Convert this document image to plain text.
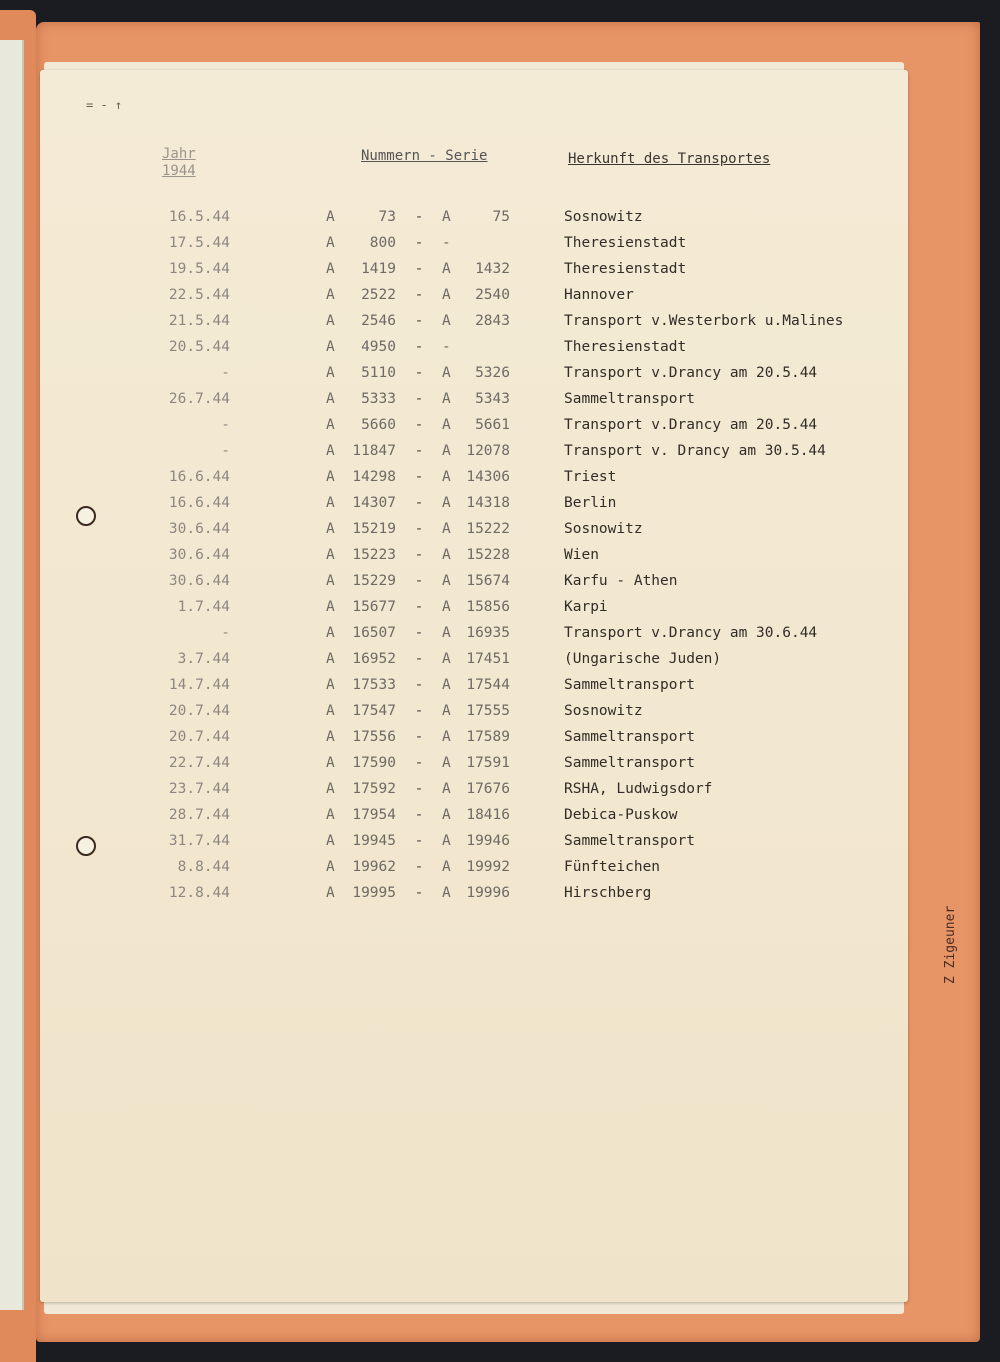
= - ↑
Jahr
1944
Nummern - Serie	Herkunft des Transportes
16.5.44	A	73	-	A	75	Sosnowitz
17.5.44	A	800	-	-		Theresienstadt
19.5.44	A	1419	-	A	1432	Theresienstadt
22.5.44	A	2522	-	A	2540	Hannover
21.5.44	A	2546	-	A	2843	Transport v.Westerbork u.Malines
20.5.44	A	4950	-	-		Theresienstadt
-	A	5110	-	A	5326	Transport v.Drancy am 20.5.44
26.7.44	A	5333	-	A	5343	Sammeltransport
-	A	5660	-	A	5661	Transport v.Drancy am 20.5.44
-	A	11847	-	A	12078	Transport v. Drancy am 30.5.44
16.6.44	A	14298	-	A	14306	Triest
16.6.44	A	14307	-	A	14318	Berlin
30.6.44	A	15219	-	A	15222	Sosnowitz
30.6.44	A	15223	-	A	15228	Wien
30.6.44	A	15229	-	A	15674	Karfu - Athen
1.7.44	A	15677	-	A	15856	Karpi
-	A	16507	-	A	16935	Transport v.Drancy am 30.6.44
3.7.44	A	16952	-	A	17451	(Ungarische Juden)
14.7.44	A	17533	-	A	17544	Sammeltransport
20.7.44	A	17547	-	A	17555	Sosnowitz
20.7.44	A	17556	-	A	17589	Sammeltransport
22.7.44	A	17590	-	A	17591	Sammeltransport
23.7.44	A	17592	-	A	17676	RSHA, Ludwigsdorf
28.7.44	A	17954	-	A	18416	Debica-Puskow
31.7.44	A	19945	-	A	19946	Sammeltransport
8.8.44	A	19962	-	A	19992	Fünfteichen
12.8.44	A	19995	-	A	19996	Hirschberg
Z Zigeuner
